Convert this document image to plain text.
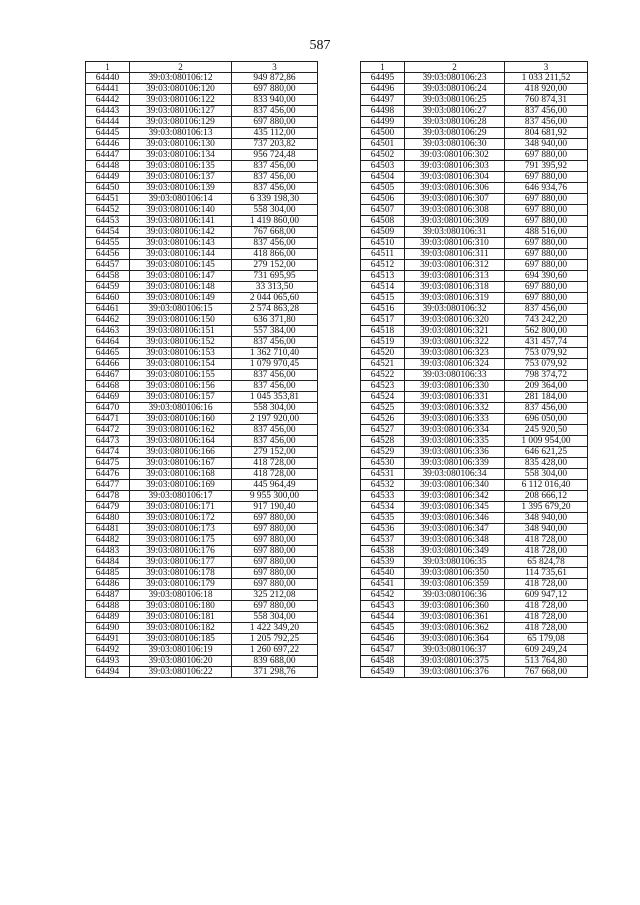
587
1	2	3
64440	39:03:080106:12	949 872,86
64441	39:03:080106:120	697 880,00
64442	39:03:080106:122	833 940,00
64443	39:03:080106:127	837 456,00
64444	39:03:080106:129	697 880,00
64445	39:03:080106:13	435 112,00
64446	39:03:080106:130	737 203,82
64447	39:03:080106:134	956 724,48
64448	39:03:080106:135	837 456,00
64449	39:03:080106:137	837 456,00
64450	39:03:080106:139	837 456,00
64451	39:03:080106:14	6 339 198,30
64452	39:03:080106:140	558 304,00
64453	39:03:080106:141	1 419 860,00
64454	39:03:080106:142	767 668,00
64455	39:03:080106:143	837 456,00
64456	39:03:080106:144	418 866,00
64457	39:03:080106:145	279 152,00
64458	39:03:080106:147	731 695,95
64459	39:03:080106:148	33 313,50
64460	39:03:080106:149	2 044 065,60
64461	39:03:080106:15	2 574 863,28
64462	39:03:080106:150	636 371,80
64463	39:03:080106:151	557 384,00
64464	39:03:080106:152	837 456,00
64465	39:03:080106:153	1 362 710,40
64466	39:03:080106:154	1 079 970,45
64467	39:03:080106:155	837 456,00
64468	39:03:080106:156	837 456,00
64469	39:03:080106:157	1 045 353,81
64470	39:03:080106:16	558 304,00
64471	39:03:080106:160	2 197 920,00
64472	39:03:080106:162	837 456,00
64473	39:03:080106:164	837 456,00
64474	39:03:080106:166	279 152,00
64475	39:03:080106:167	418 728,00
64476	39:03:080106:168	418 728,00
64477	39:03:080106:169	445 964,49
64478	39:03:080106:17	9 955 300,00
64479	39:03:080106:171	917 190,40
64480	39:03:080106:172	697 880,00
64481	39:03:080106:173	697 880,00
64482	39:03:080106:175	697 880,00
64483	39:03:080106:176	697 880,00
64484	39:03:080106:177	697 880,00
64485	39:03:080106:178	697 880,00
64486	39:03:080106:179	697 880,00
64487	39:03:080106:18	325 212,08
64488	39:03:080106:180	697 880,00
64489	39:03:080106:181	558 304,00
64490	39:03:080106:182	1 422 349,20
64491	39:03:080106:185	1 205 792,25
64492	39:03:080106:19	1 260 697,22
64493	39:03:080106:20	839 688,00
64494	39:03:080106:22	371 298,76
1	2	3
64495	39:03:080106:23	1 033 211,52
64496	39:03:080106:24	418 920,00
64497	39:03:080106:25	760 874,31
64498	39:03:080106:27	837 456,00
64499	39:03:080106:28	837 456,00
64500	39:03:080106:29	804 681,92
64501	39:03:080106:30	348 940,00
64502	39:03:080106:302	697 880,00
64503	39:03:080106:303	791 395,92
64504	39:03:080106:304	697 880,00
64505	39:03:080106:306	646 934,76
64506	39:03:080106:307	697 880,00
64507	39:03:080106:308	697 880,00
64508	39:03:080106:309	697 880,00
64509	39:03:080106:31	488 516,00
64510	39:03:080106:310	697 880,00
64511	39:03:080106:311	697 880,00
64512	39:03:080106:312	697 880,00
64513	39:03:080106:313	694 390,60
64514	39:03:080106:318	697 880,00
64515	39:03:080106:319	697 880,00
64516	39:03:080106:32	837 456,00
64517	39:03:080106:320	743 242,20
64518	39:03:080106:321	562 800,00
64519	39:03:080106:322	431 457,74
64520	39:03:080106:323	753 079,92
64521	39:03:080106:324	753 079,92
64522	39:03:080106:33	798 374,72
64523	39:03:080106:330	209 364,00
64524	39:03:080106:331	281 184,00
64525	39:03:080106:332	837 456,00
64526	39:03:080106:333	696 050,00
64527	39:03:080106:334	245 920,50
64528	39:03:080106:335	1 009 954,00
64529	39:03:080106:336	646 621,25
64530	39:03:080106:339	835 428,00
64531	39:03:080106:34	558 304,00
64532	39:03:080106:340	6 112 016,40
64533	39:03:080106:342	208 666,12
64534	39:03:080106:345	1 395 679,20
64535	39:03:080106:346	348 940,00
64536	39:03:080106:347	348 940,00
64537	39:03:080106:348	418 728,00
64538	39:03:080106:349	418 728,00
64539	39:03:080106:35	65 824,78
64540	39:03:080106:350	114 735,61
64541	39:03:080106:359	418 728,00
64542	39:03:080106:36	609 947,12
64543	39:03:080106:360	418 728,00
64544	39:03:080106:361	418 728,00
64545	39:03:080106:362	418 728,00
64546	39:03:080106:364	65 179,08
64547	39:03:080106:37	609 249,24
64548	39:03:080106:375	513 764,80
64549	39:03:080106:376	767 668,00
